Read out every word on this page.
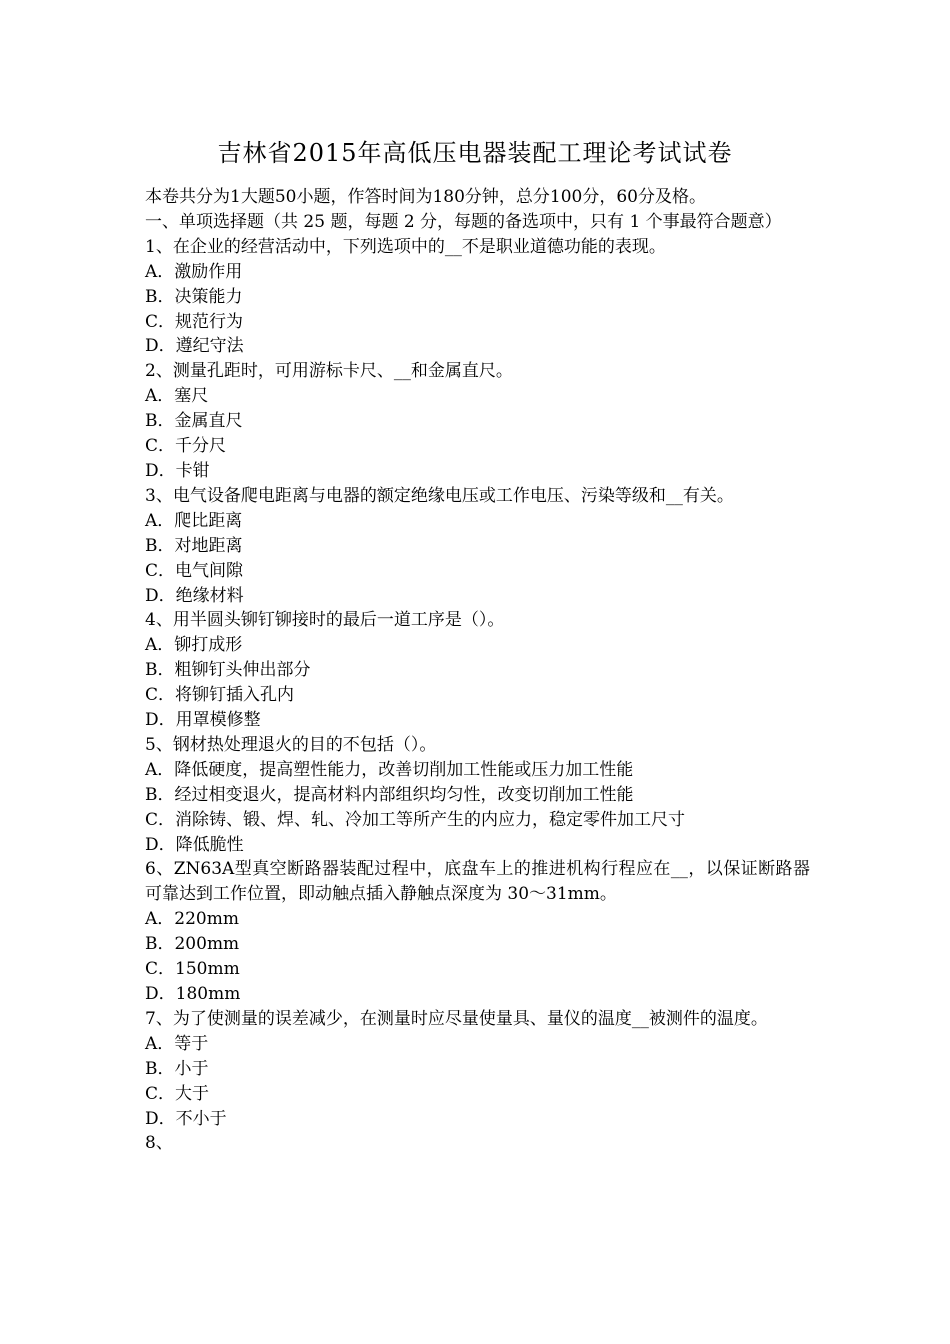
吉林省2015年高低压电器装配工理论考试试卷

本卷共分为1大题50小题，作答时间为180分钟，总分100分，60分及格。

一、单项选择题（共 25 题，每题 2 分，每题的备选项中，只有 1 个事最符合题意）

1、在企业的经营活动中，下列选项中的__不是职业道德功能的表现。

A．激励作用

B．决策能力

C．规范行为

D．遵纪守法

2、测量孔距时，可用游标卡尺、__和金属直尺。

A．塞尺

B．金属直尺

C．千分尺

D．卡钳

3、电气设备爬电距离与电器的额定绝缘电压或工作电压、污染等级和__有关。

A．爬比距离

B．对地距离

C．电气间隙

D．绝缘材料

4、用半圆头铆钉铆接时的最后一道工序是（）。

A．铆打成形

B．粗铆钉头伸出部分

C．将铆钉插入孔内

D．用罩模修整

5、钢材热处理退火的目的不包括（）。

A．降低硬度，提高塑性能力，改善切削加工性能或压力加工性能

B．经过相变退火，提高材料内部组织均匀性，改变切削加工性能

C．消除铸、锻、焊、轧、冷加工等所产生的内应力，稳定零件加工尺寸

D．降低脆性

6、ZN63A型真空断路器装配过程中，底盘车上的推进机构行程应在__，以保证断路器可靠达到工作位置，即动触点插入静触点深度为 30～31mm。

A．220mm

B．200mm

C．150mm

D．180mm

7、为了使测量的误差减少，在测量时应尽量使量具、量仪的温度__被测件的温度。

A．等于

B．小于

C．大于

D．不小于

8、
